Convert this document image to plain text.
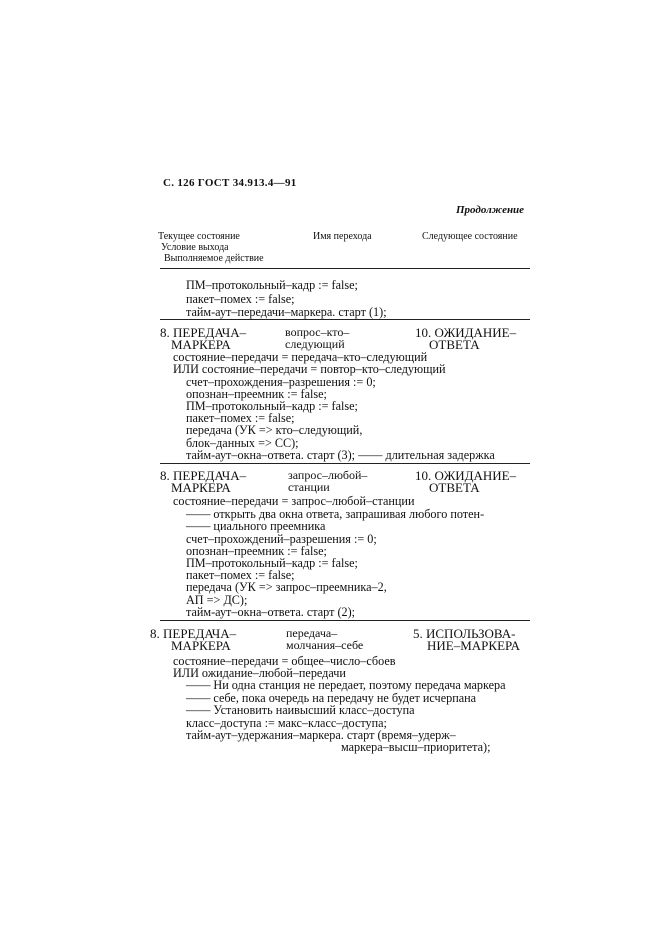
С. 126 ГОСТ 34.913.4—91
Продолжение
Текущее состояние
Условие выхода
Выполняемое действие
Имя перехода	Следующее состояние
ПМ–протокольный–кадр := false;
пакет–помех := false;
тайм-аут–передачи–маркера. старт (1);
8. ПЕРЕДАЧА–
МАРКЕРА
вопрос–кто–
следующий
10. ОЖИДАНИЕ–
ОТВЕТА
состояние–передачи = передача–кто–следующий
ИЛИ состояние–передачи = повтор–кто–следующий
счет–прохождения–разрешения := 0;
опознан–преемник := false;
ПМ–протокольный–кадр := false;
пакет–помех := false;
передача (УК => кто–следующий,
блок–данных => СС);
тайм-аут–окна–ответа. старт (3); —— длительная задержка
8. ПЕРЕДАЧА–
МАРКЕРА
запрос–любой–
станции
10. ОЖИДАНИЕ–
ОТВЕТА
состояние–передачи = запрос–любой–станции
—— открыть два окна ответа, запрашивая любого потен-
—— циального преемника
счет–прохождений–разрешения := 0;
опознан–преемник := false;
ПМ–протокольный–кадр := false;
пакет–помех := false;
передача (УК => запрос–преемника–2,
АП => ДС);
тайм-аут–окна–ответа. старт (2);
8. ПЕРЕДАЧА–
МАРКЕРА
передача–
молчания–себе
5. ИСПОЛЬЗОВА-
НИЕ–МАРКЕРА
состояние–передачи = общее–число–сбоев
ИЛИ ожидание–любой–передачи
—— Ни одна станция не передает, поэтому передача маркера
—— себе, пока очередь на передачу не будет исчерпана
—— Установить наивысший класс–доступа
класс–доступа := макс–класс–доступа;
тайм-аут–удержания–маркера. старт (время–удерж–
маркера–высш–приоритета);
